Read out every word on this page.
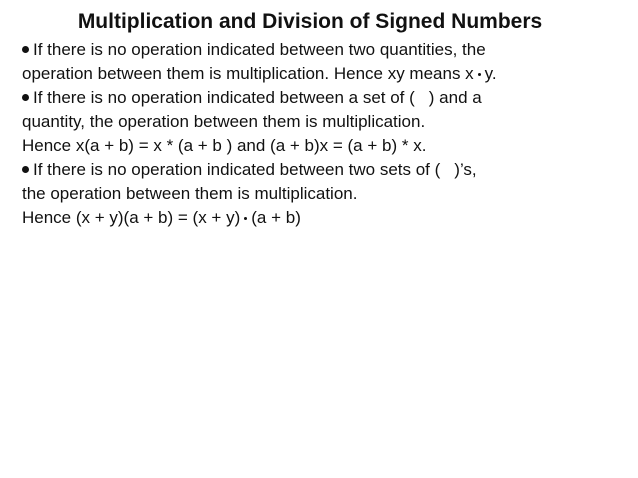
Multiplication and Division of Signed Numbers
If there is no operation indicated between two quantities, the
operation between them is multiplication. Hence xy means x y.
If there is no operation indicated between a set of ( ) and a
quantity, the operation between them is multiplication.
Hence x(a + b) = x * (a + b ) and (a + b)x = (a + b) * x.
If there is no operation indicated between two sets of ( )’s,
the operation between them is multiplication.
Hence (x + y)(a + b) = (x + y) (a + b)
